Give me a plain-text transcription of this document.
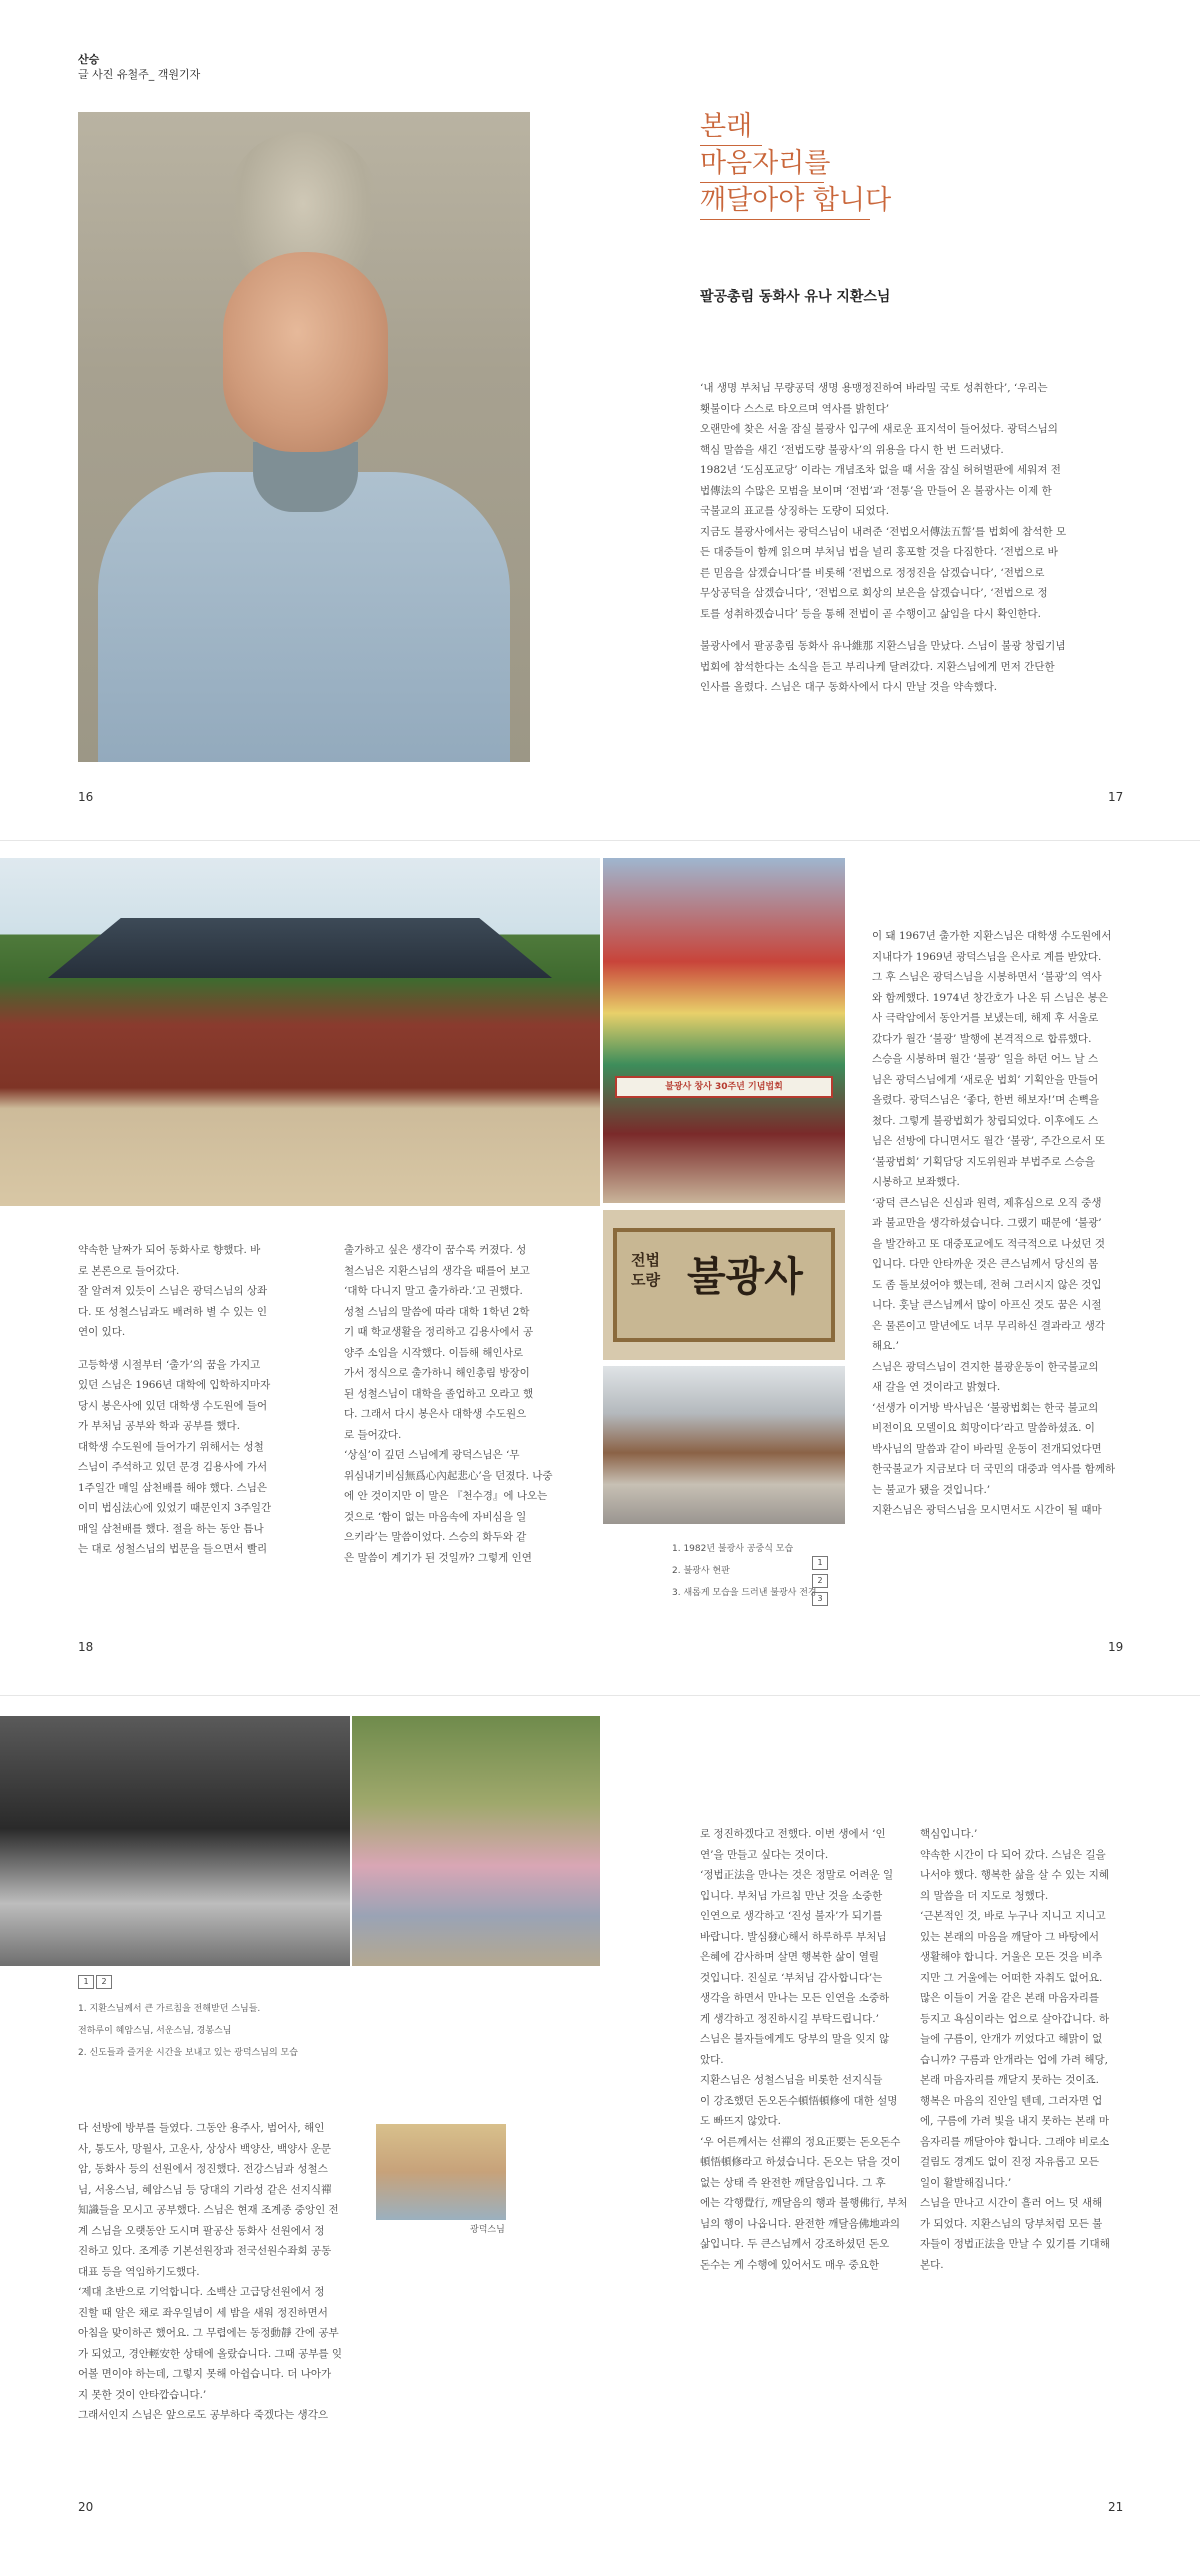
산승
글 사진 유철주_ 객원기자
본래
마음자리를
깨달아야 합니다
팔공총림 동화사 유나 지환스님

‘내 생명 부처님 무량공덕 생명 용맹정진하여 바라밀 국토 성취한다’, ‘우리는

횃불이다 스스로 타오르며 역사를 밝힌다’

오랜만에 찾은 서울 잠실 불광사 입구에 새로운 표지석이 들어섰다. 광덕스님의

핵심 말씀을 새긴 ‘전법도량 불광사’의 위용을 다시 한 번 드러냈다.

1982년 ‘도심포교당’ 이라는 개념조차 없을 때 서울 잠실 허허벌판에 세워져 전

법傳法의 수많은 모범을 보이며 ‘전법’과 ‘전통’을 만들어 온 불광사는 이제 한

국불교의 표교를 상징하는 도량이 되었다.

지금도 불광사에서는 광덕스님이 내려준 ‘전법오서傳法五誓’를 법회에 참석한 모

든 대중들이 함께 읽으며 부처님 법을 널리 홍포할 것을 다짐한다. ‘전법으로 바

른 믿음을 삼겠습니다’를 비롯해 ‘전법으로 정정진을 삼겠습니다’, ‘전법으로

무상공덕을 삼겠습니다’, ‘전법으로 회상의 보은을 삼겠습니다’, ‘전법으로 정

토를 성취하겠습니다’ 등을 통해 전법이 곧 수행이고 삶임을 다시 확인한다.

불광사에서 팔공총림 동화사 유나維那 지환스님을 만났다. 스님이 불광 창립기념

법회에 참석한다는 소식을 듣고 부리나케 달려갔다. 지환스님에게 먼저 간단한

인사를 올렸다. 스님은 대구 동화사에서 다시 만날 것을 약속했다.

16	17
불광사 창사 30주년 기념법회
전법
도량 불광사

약속한 날짜가 되어 동화사로 향했다. 바

로 본론으로 들어갔다.

잘 알려져 있듯이 스님은 광덕스님의 상좌

다. 또 성철스님과도 배려하 별 수 있는 인

연이 있다.

고등학생 시절부터 ‘출가’의 꿈을 가지고

있던 스님은 1966년 대학에 입학하지마자

당시 봉은사에 있던 대학생 수도원에 들어

가 부처님 공부와 학과 공부를 했다.

대학생 수도원에 들어가기 위해서는 성철

스님이 주석하고 있던 문경 김용사에 가서

1주일간 매일 삼천배를 해야 했다. 스님은

이미 법심法心에 있었기 때문인지 3주일간

매일 삼천배를 했다. 절을 하는 동안 틈나

는 대로 성철스님의 법문을 들으면서 빨리

출가하고 싶은 생각이 꿈수록 커졌다. 성

철스님은 지환스님의 생각을 때를어 보고

‘대학 다니지 말고 출가하라.’고 권했다.

성철 스님의 말씀에 따라 대학 1학년 2학

기 때 학교생활을 정리하고 김용사에서 공

양주 소임을 시작했다. 이듬해 해인사로

가서 정식으로 출가하니 해인총림 방장이

된 성철스님이 대학을 졸업하고 오라고 했

다. 그래서 다시 봉은사 대학생 수도원으

로 들어갔다.

‘상실’이 깊던 스님에게 광덕스님은 ‘무

위심내기비심無爲心內起悲心’을 던졌다. 나중

에 안 것이지만 이 말은 『천수경』에 나오는

것으로 ‘함이 없는 마음속에 자비심을 일

으키라’는 말씀이었다. 스승의 화두와 같

은 말씀이 계기가 된 것일까? 그렇게 인연

1. 1982년 불광사 공중식 모습

2. 불광사 현판

3. 새롭게 모습을 드러낸 불광사 전경

1
2
3

이 돼 1967년 출가한 지환스님은 대학생 수도원에서

지내다가 1969년 광덕스님을 은사로 계를 받았다.

그 후 스님은 광덕스님을 시봉하면서 ‘불광’의 역사

와 함께했다. 1974년 창간호가 나온 뒤 스님은 봉은

사 극락암에서 동안거를 보냈는데, 해제 후 서울로

갔다가 월간 ‘불광’ 발행에 본격적으로 합류했다.

스승을 시봉하며 월간 ‘불광’ 일을 하던 어느 날 스

님은 광덕스님에게 ‘새로운 법회’ 기획안을 만들어

올렸다. 광덕스님은 ‘좋다, 한번 해보자!’며 손뼉을

쳤다. 그렇게 불광법회가 창립되었다. 이후에도 스

님은 선방에 다니면서도 월간 ‘불광’, 주간으로서 또

‘불광법회’ 기획담당 지도위원과 부법주로 스승을

시봉하고 보좌했다.

‘광덕 큰스님은 신심과 원력, 제휴심으로 오직 중생

과 불교만을 생각하셨습니다. 그랬기 때문에 ‘불광’

을 발간하고 또 대중포교에도 적극적으로 나섰던 것

입니다. 다만 안타까운 것은 큰스님께서 당신의 몸

도 좀 돌보셨어야 했는데, 전혀 그러시지 않은 것입

니다. 훗날 큰스님께서 많이 아프신 것도 꿈은 시절

은 물론이고 말년에도 너무 무리하신 결과라고 생각

해요.’

스님은 광덕스님이 견지한 불광운동이 한국불교의

새 갈을 연 것이라고 밝혔다.

‘선생가 이거방 박사님은 ‘불광법회는 한국 불교의

비전이요 모델이요 희망이다’라고 말씀하셨죠. 이

박사님의 말씀과 같이 바라밀 운동이 전개되었다면

한국불교가 지금보다 더 국민의 대중과 역사를 함께하

는 불교가 됐을 것입니다.’

지환스님은 광덕스님을 모시면서도 시간이 될 때마

18	19
1	2

1. 지환스님께서 큰 가르침을 전해받던 스님들.

전하루이 혜암스님, 서운스님, 경봉스님

2. 신도들과 즐거운 시간을 보내고 있는 광덕스님의 모습

다 선방에 방부를 들였다. 그동안 용주사, 범어사, 해인

사, 통도사, 망월사, 고운사, 상상사 백양산, 백양사 운문

암, 동화사 등의 선원에서 정진했다. 전강스님과 성철스

님, 서옹스님, 혜암스님 등 당대의 기라성 같은 선지식禪

知識들을 모시고 공부했다. 스님은 현재 조계종 중앙인 전

계 스님을 오랫동안 도시며 팔공산 동화사 선원에서 정

진하고 있다. 조계종 기본선원장과 전국선원수좌회 공동

대표 등을 역임하기도했다.

‘제대 초반으로 기억합니다. 소백산 고급당선원에서 정

진할 때 알은 채로 좌우일념이 세 밤을 새워 정진하면서

아침을 맞이하곤 했어요. 그 무렵에는 동정動靜 간에 공부

가 되었고, 경안輕安한 상태에 올랐습니다. 그때 공부를 잊

어볼 면이야 하는데, 그렇지 못해 아쉽습니다. 더 나아가

지 못한 것이 안타깝습니다.’

그래서인지 스님은 앞으로도 공부하다 죽겠다는 생각으

광덕스님

로 정진하겠다고 전했다. 이번 생에서 ‘인

연’을 만들고 싶다는 것이다.

‘정법正法을 만나는 것은 정말로 어려운 일

입니다. 부처님 가르침 만난 것을 소중한

인연으로 생각하고 ‘진성 불자’가 되기를

바랍니다. 발심發心해서 하루하루 부처님

은혜에 감사하며 살면 행복한 삶이 열릴

것입니다. 진실로 ‘부처님 감사합니다’는

생각을 하면서 만나는 모든 인연을 소중하

게 생각하고 정진하시길 부탁드립니다.’

스님은 불자들에게도 당부의 말을 잊지 않

았다.

지환스님은 성철스님을 비롯한 선지식들

이 강조했던 돈오돈수頓悟頓修에 대한 설명

도 빠뜨지 않았다.

‘우 어른께서는 선禪의 정요正要는 돈오돈수

頓悟頓修라고 하셨습니다. 돈오는 닦을 것이

없는 상태 즉 완전한 깨달음입니다. 그 후

에는 각행覺行, 깨달음의 행과 불행佛行, 부처

님의 행이 나옵니다. 완전한 깨달음佛地과의

삶입니다. 두 큰스님께서 강조하셨던 돈오

돈수는 게 수행에 있어서도 매우 중요한

핵심입니다.’

약속한 시간이 다 되어 갔다. 스님은 길을

나서야 했다. 행복한 삶을 살 수 있는 지혜

의 말씀을 더 지도로 청했다.

‘근본적인 것, 바로 누구나 지니고 지니고

있는 본래의 마음을 깨달아 그 바탕에서

생활해야 합니다. 거울은 모든 것을 비추

지만 그 거울에는 어떠한 자취도 없어요.

많은 이들이 거울 같은 본래 마음자리를

등지고 욕심이라는 업으로 살아갑니다. 하

늘에 구름이, 안개가 끼었다고 해맑이 없

습니까? 구름과 안개라는 업에 가려 해당,

본래 마음자리를 깨닫지 못하는 것이죠.

행복은 마음의 진안일 텐데, 그러자면 업

에, 구름에 가려 빛을 내지 못하는 본래 마

음자리를 깨달아야 합니다. 그래야 비로소

걸림도 경계도 없이 진정 자유롭고 모든

일이 활발해집니다.’

스님을 만나고 시간이 흘러 어느 덧 새해

가 되었다. 지환스님의 당부처럼 모든 불

자들이 정법正法을 만날 수 있기를 기대해

본다.

20	21
